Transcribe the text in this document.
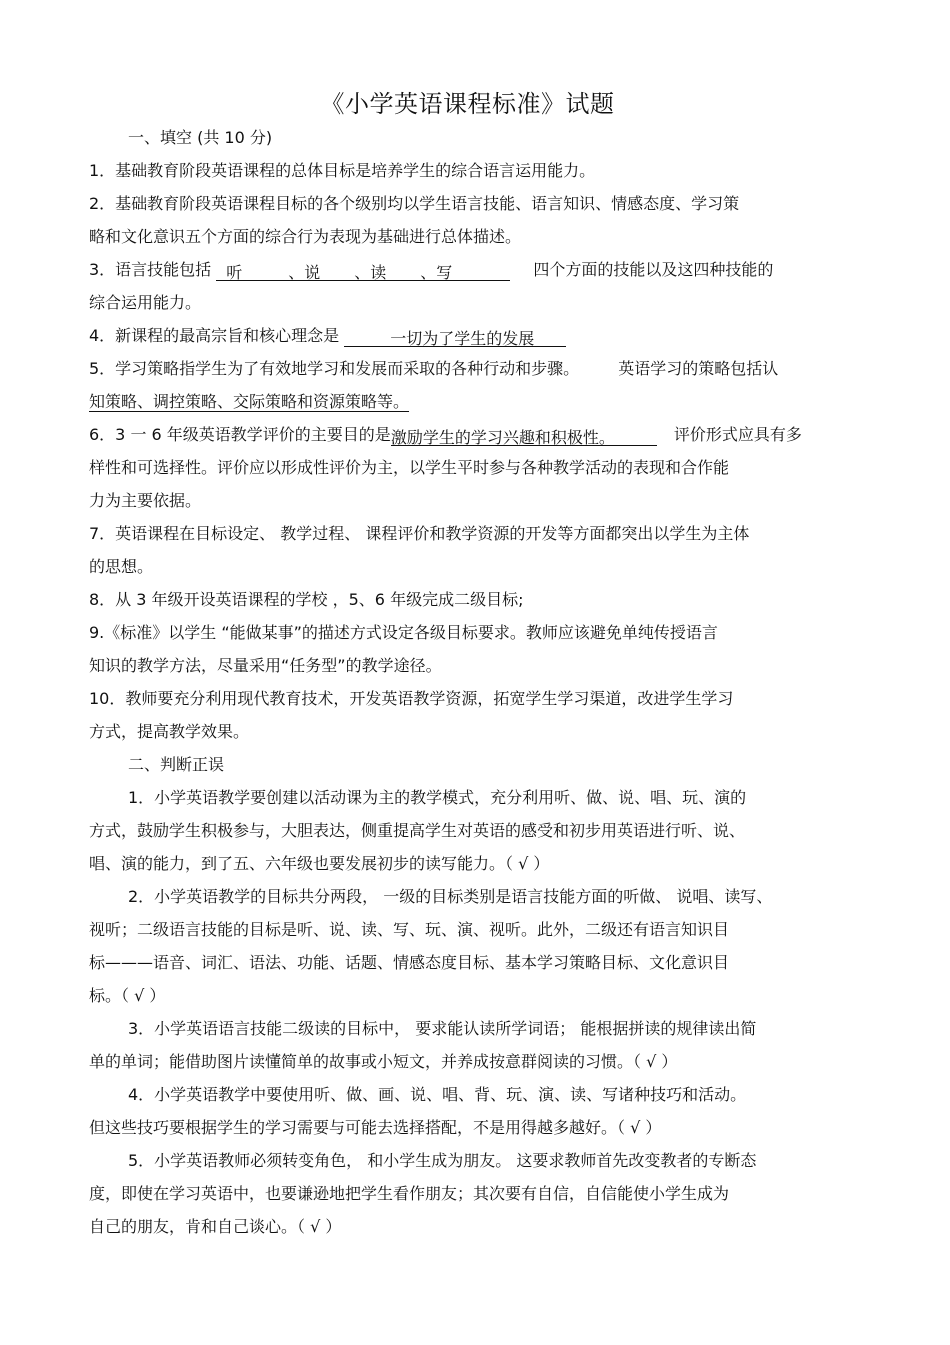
《小学英语课程标准》试题
一、填空 (共 10 分)
1．基础教育阶段英语课程的总体目标是培养学生的综合语言运用能力。
2．基础教育阶段英语课程目标的各个级别均以学生语言技能、语言知识、情感态度、学习策
略和文化意识五个方面的综合行为表现为基础进行总体描述。
3．语言技能包括 听	、说 、读 、写	四个方面的技能以及这四种技能的
综合运用能力。
4．新课程的最高宗旨和核心理念是	一切为了学生的发展
5．学习策略指学生为了有效地学习和发展而采取的各种行动和步骤。 英语学习的策略包括认
知策略、调控策略、交际策略和资源策略等。
6．3 一 6 年级英语教学评价的主要目的是激励学生的学习兴趣和积极性。	评价形式应具有多
样性和可选择性。评价应以形成性评价为主，以学生平时参与各种教学活动的表现和合作能
力为主要依据。
7．英语课程在目标设定、 教学过程、 课程评价和教学资源的开发等方面都突出以学生为主体
的思想。
8．从 3 年级开设英语课程的学校 ，5、6 年级完成二级目标;
9.《标准》以学生 “能做某事”的描述方式设定各级目标要求。教师应该避免单纯传授语言
知识的教学方法，尽量采用“任务型”的教学途径。
10．教师要充分利用现代教育技术，开发英语教学资源，拓宽学生学习渠道，改进学生学习
方式，提高教学效果。
二、判断正误
1．小学英语教学要创建以活动课为主的教学模式，充分利用听、做、说、唱、玩、演的
方式，鼓励学生积极参与，大胆表达，侧重提高学生对英语的感受和初步用英语进行听、说、
唱、演的能力，到了五、六年级也要发展初步的读写能力。（ √ ）
2．小学英语教学的目标共分两段， 一级的目标类别是语言技能方面的听做、 说唱、读写、
视听；二级语言技能的目标是听、说、读、写、玩、演、视听。此外，二级还有语言知识目
标———语音、词汇、语法、功能、话题、情感态度目标、基本学习策略目标、文化意识目
标。（ √ ）
3．小学英语语言技能二级读的目标中， 要求能认读所学词语； 能根据拼读的规律读出简
单的单词；能借助图片读懂简单的故事或小短文，并养成按意群阅读的习惯。（ √ ）
4．小学英语教学中要使用听、做、画、说、唱、背、玩、演、读、写诸种技巧和活动。
但这些技巧要根据学生的学习需要与可能去选择搭配，不是用得越多越好。（ √ ）
5．小学英语教师必须转变角色， 和小学生成为朋友。 这要求教师首先改变教者的专断态
度，即使在学习英语中，也要谦逊地把学生看作朋友；其次要有自信，自信能使小学生成为
自己的朋友，肯和自己谈心。（ √ ）
